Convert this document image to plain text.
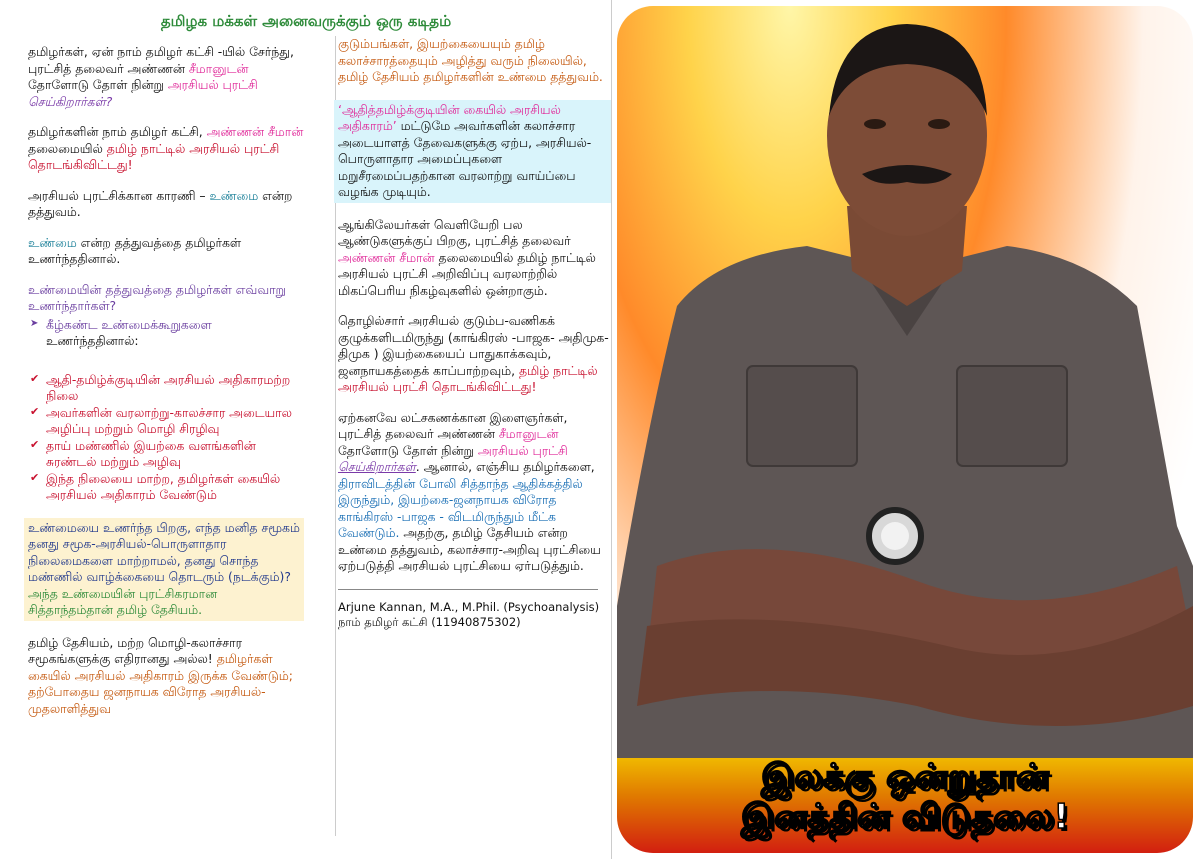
தமிழக மக்கள் அனைவருக்கும் ஒரு கடிதம்
தமிழர்கள், ஏன் நாம் தமிழர் கட்சி -யில் சேர்ந்து, புரட்சித் தலைவர் அண்ணன் சீமானுடன் தோளோடு தோள் நின்று அரசியல் புரட்சி
செய்கிறார்கள்?
தமிழர்களின் நாம் தமிழர் கட்சி, அண்ணன் சீமான் தலைமையில் தமிழ் நாட்டில் அரசியல் புரட்சி தொடங்கிவிட்டது!
அரசியல் புரட்சிக்கான காரணி – உண்மை என்ற தத்துவம்.
உண்மை என்ற தத்துவத்தை தமிழர்கள் உணர்ந்ததினால்.
உண்மையின் தத்துவத்தை தமிழர்கள் எவ்வாறு உணர்ந்தார்கள்?
➤ கீழ்கண்ட உண்மைக்கூறுகளை
உணர்ந்ததினால்:
✔ ஆதி-தமிழ்க்குடியின் அரசியல் அதிகாரமற்ற நிலை
✔ அவர்களின் வரலாற்று-காலச்சார அடையால அழிப்பு மற்றும் மொழி சிரழிவு
✔ தாய் மண்ணில் இயற்கை வளங்களின் சுரண்டல் மற்றும் அழிவு
✔ இந்த நிலையை மாற்ற, தமிழர்கள் கையில் அரசியல் அதிகாரம் வேண்டும்
உண்மையை உணர்ந்த பிறகு, எந்த மனித சமூகம் தனது சமூக-அரசியல்-பொருளாதார நிலைமைகளை மாற்றாமல், தனது சொந்த மண்ணில் வாழ்க்கையை தொடரும் (நடக்கும்)? அந்த உண்மையின் புரட்சிகரமான சித்தாந்தம்தான் தமிழ் தேசியம்.
தமிழ் தேசியம், மற்ற மொழி-கலாச்சார சமூகங்களுக்கு எதிரானது அல்ல! தமிழர்கள் கையில் அரசியல் அதிகாரம் இருக்க வேண்டும்; தற்போதைய ஜனநாயக விரோத அரசியல்-முதலாளித்துவ
குடும்பங்கள், இயற்கையையும் தமிழ் கலாச்சாரத்தையும் அழித்து வரும் நிலையில், தமிழ் தேசியம் தமிழர்களின் உண்மை தத்துவம்.
‘ஆதித்தமிழ்க்குடியின் கையில் அரசியல் அதிகாரம்’ மட்டுமே அவர்களின் கலாச்சார அடையாளத் தேவைகளுக்கு ஏற்ப, அரசியல்-பொருளாதார அமைப்புகளை மறுசீரமைப்பதற்கான வரலாற்று வாய்ப்பை வழங்க முடியும்.
ஆங்கிலேயர்கள் வெளியேறி பல ஆண்டுகளுக்குப் பிறகு, புரட்சித் தலைவர் அண்ணன் சீமான் தலைமையில் தமிழ் நாட்டில் அரசியல் புரட்சி அறிவிப்பு வரலாற்றில் மிகப்பெரிய நிகழ்வுகளில் ஒன்றாகும்.
தொழில்சார் அரசியல் குடும்ப-வணிகக் குழுக்களிடமிருந்து (காங்கிரஸ் -பாஜக- அதிமுக-திமுக ) இயற்கையைப் பாதுகாக்கவும், ஜனநாயகத்தைக் காப்பாற்றவும், தமிழ் நாட்டில் அரசியல் புரட்சி தொடங்கிவிட்டது!
ஏற்கனவே லட்சகணக்கான இளைஞர்கள், புரட்சித் தலைவர் அண்ணன் சீமானுடன் தோளோடு தோள் நின்று அரசியல் புரட்சி
செய்கிறார்கள். ஆனால், எஞ்சிய தமிழர்களை, திராவிடத்தின் போலி சித்தாந்த ஆதிக்கத்தில் இருந்தும், இயற்கை-ஜனநாயக விரோத காங்கிரஸ் -பாஜக - விடமிருந்தும் மீட்க வேண்டும். அதற்கு, தமிழ் தேசியம் என்ற உண்மை தத்துவம், கலாச்சார-அறிவு புரட்சியை ஏற்படுத்தி அரசியல் புரட்சியை ஏர்படுத்தும்.
Arjune Kannan, M.A., M.Phil. (Psychoanalysis)
நாம் தமிழர் கட்சி (11940875302)
இலக்கு ஒன்றுதான்
இனத்தின் விடுதலை!
